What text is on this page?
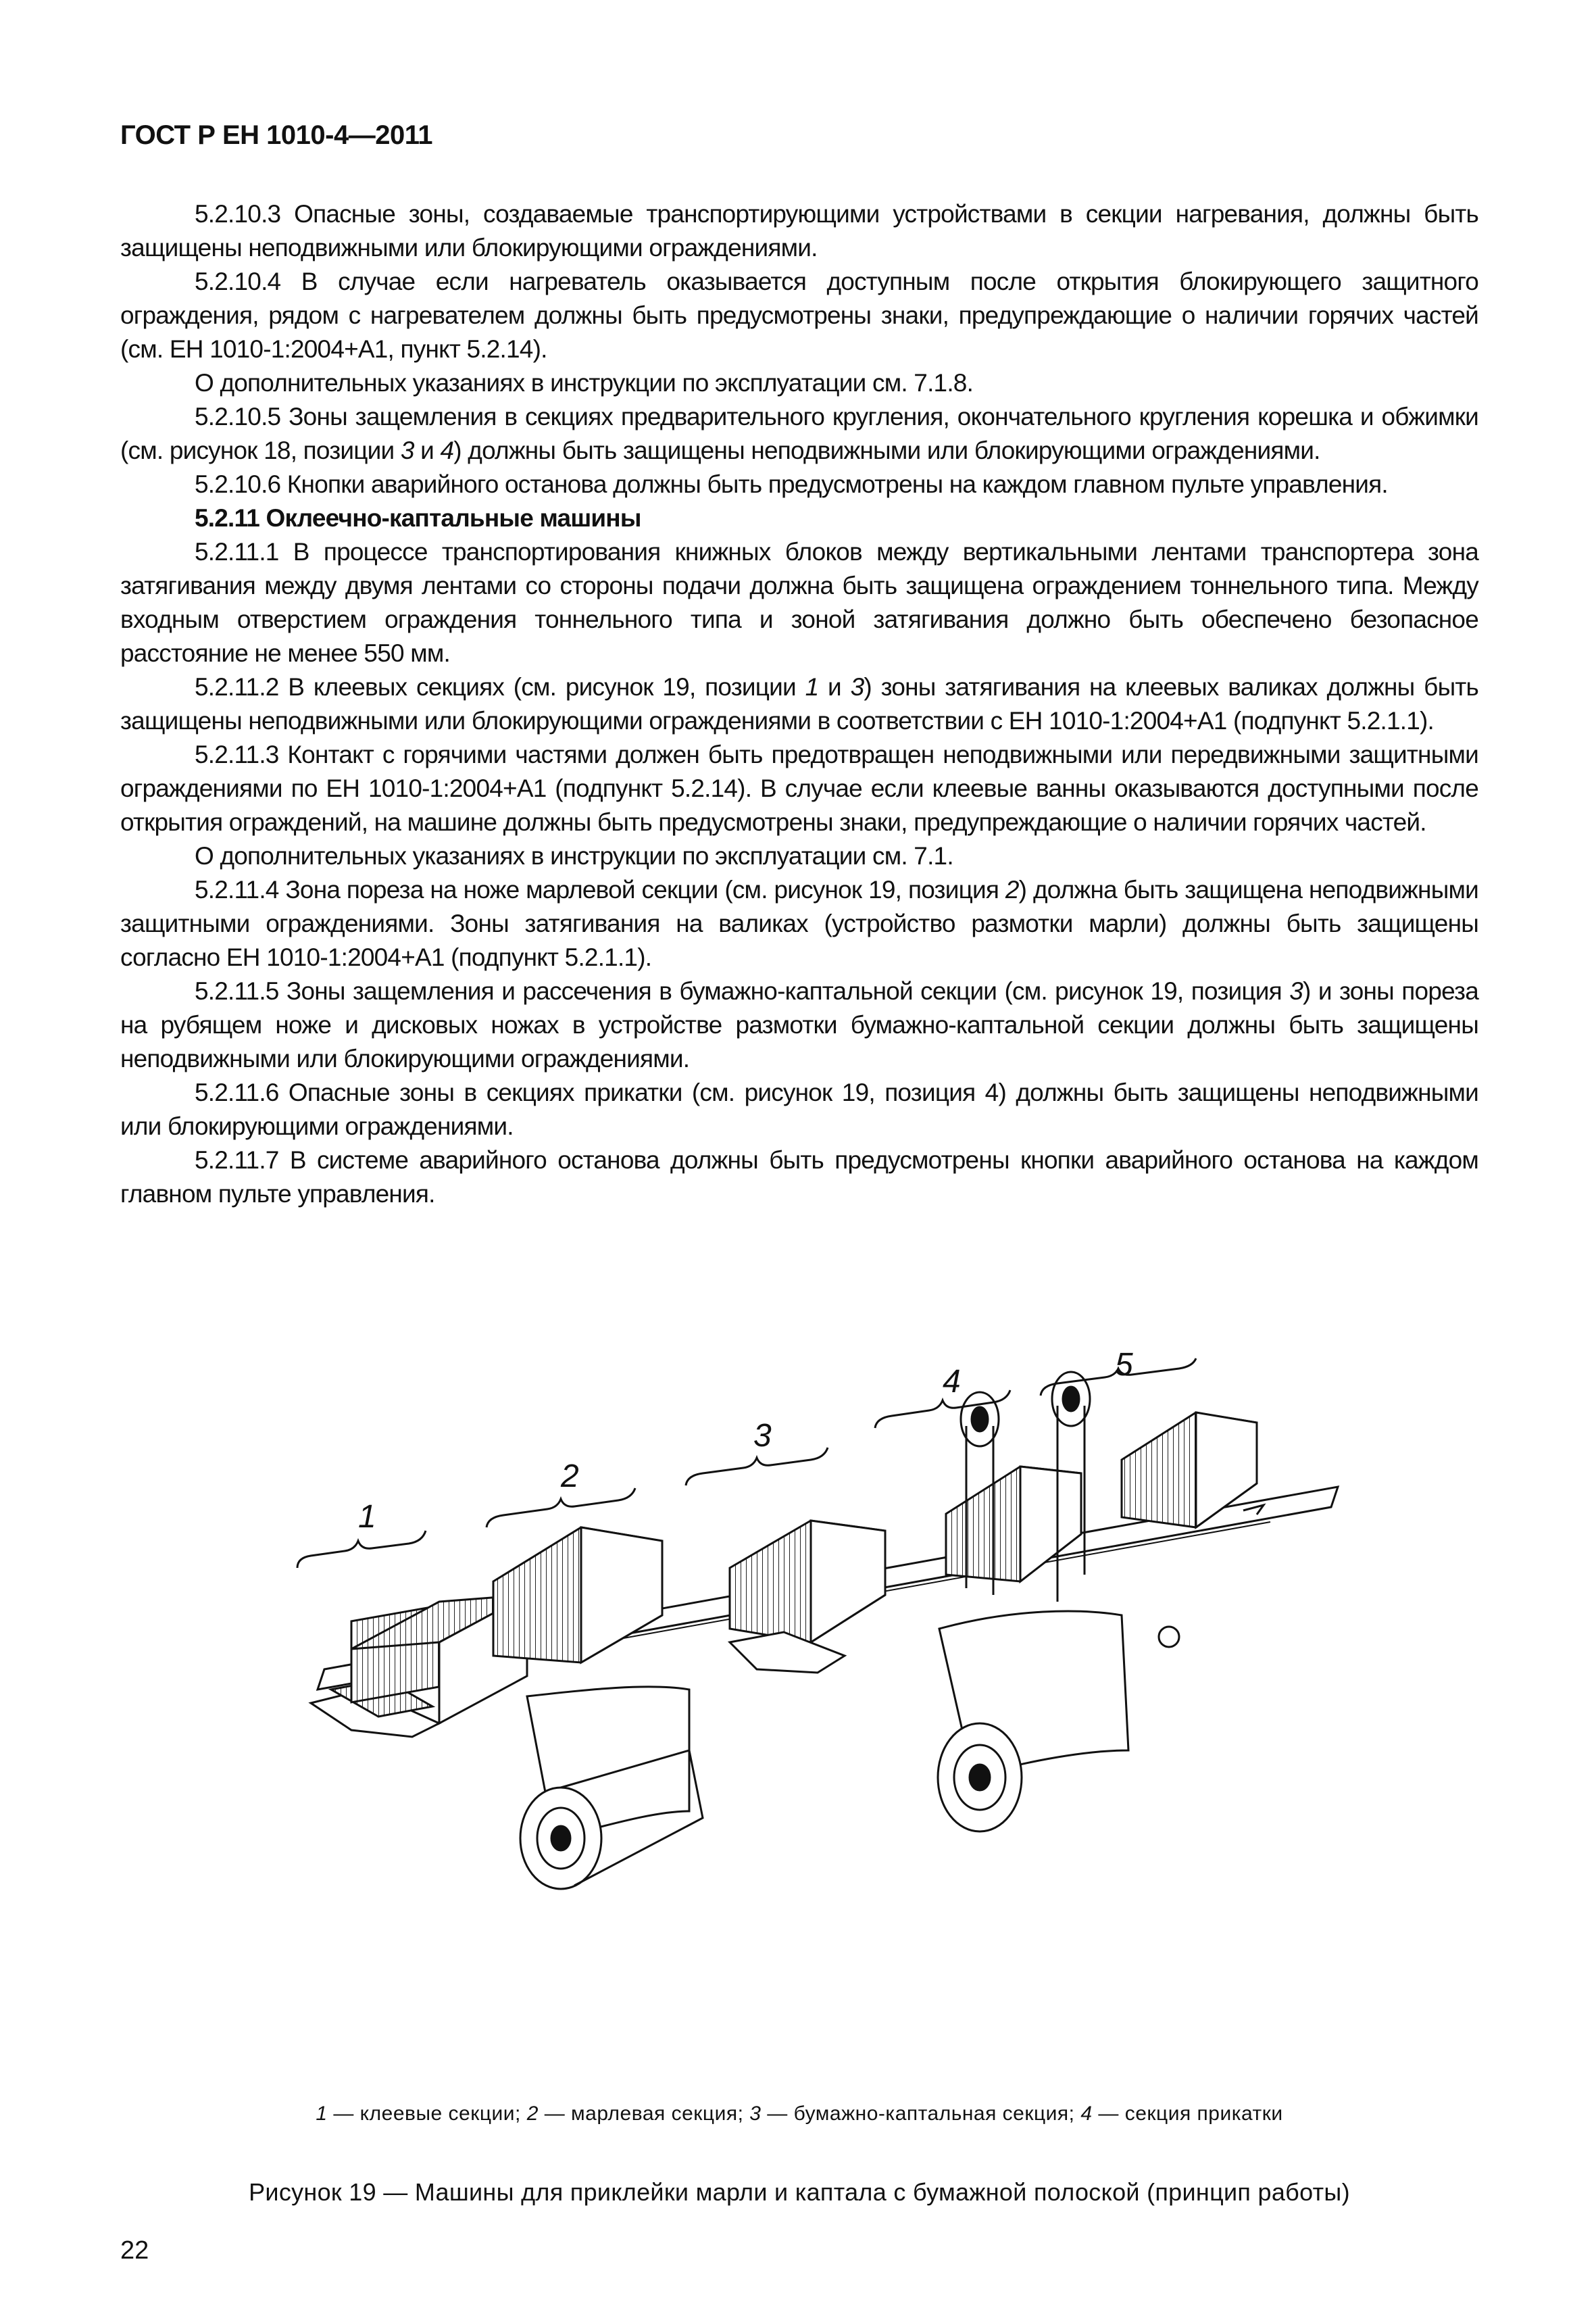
ГОСТ Р ЕН 1010-4—2011

5.2.10.3 Опасные зоны, создаваемые транспортирующими устройствами в секции нагревания, должны быть защищены неподвижными или блокирующими ограждениями.

5.2.10.4 В случае если нагреватель оказывается доступным после открытия блокирующего защитного ограждения, рядом с нагревателем должны быть предусмотрены знаки, предупреждающие о наличии горячих частей (см. ЕН 1010-1:2004+А1, пункт 5.2.14).

О дополнительных указаниях в инструкции по эксплуатации см. 7.1.8.

5.2.10.5 Зоны защемления в секциях предварительного кругления, окончательного кругления корешка и обжимки (см. рисунок 18, позиции 3 и 4) должны быть защищены неподвижными или блокирующими ограждениями.

5.2.10.6 Кнопки аварийного останова должны быть предусмотрены на каждом главном пульте управления.

5.2.11 Оклеечно-каптальные машины

5.2.11.1 В процессе транспортирования книжных блоков между вертикальными лентами транспортера зона затягивания между двумя лентами со стороны подачи должна быть защищена ограждением тоннельного типа. Между входным отверстием ограждения тоннельного типа и зоной затягивания должно быть обеспечено безопасное расстояние не менее 550 мм.

5.2.11.2 В клеевых секциях (см. рисунок 19, позиции 1 и 3) зоны затягивания на клеевых валиках должны быть защищены неподвижными или блокирующими ограждениями в соответствии с ЕН 1010-1:2004+А1 (подпункт 5.2.1.1).

5.2.11.3 Контакт с горячими частями должен быть предотвращен неподвижными или передвижными защитными ограждениями по ЕН 1010-1:2004+А1 (подпункт 5.2.14). В случае если клеевые ванны оказываются доступными после открытия ограждений, на машине должны быть предусмотрены знаки, предупреждающие о наличии горячих частей.

О дополнительных указаниях в инструкции по эксплуатации см. 7.1.

5.2.11.4 Зона пореза на ноже марлевой секции (см. рисунок 19, позиция 2) должна быть защищена неподвижными защитными ограждениями. Зоны затягивания на валиках (устройство размотки марли) должны быть защищены согласно ЕН 1010-1:2004+А1 (подпункт 5.2.1.1).

5.2.11.5 Зоны защемления и рассечения в бумажно-каптальной секции (см. рисунок 19, позиция 3) и зоны пореза на рубящем ноже и дисковых ножах в устройстве размотки бумажно-каптальной секции должны быть защищены неподвижными или блокирующими ограждениями.

5.2.11.6 Опасные зоны в секциях прикатки (см. рисунок 19, позиция 4) должны быть защищены неподвижными или блокирующими ограждениями.

5.2.11.7 В системе аварийного останова должны быть предусмотрены кнопки аварийного останова на каждом главном пульте управления.

1
2
3
4	5
1 — клеевые секции; 2 — марлевая секция; 3 — бумажно-каптальная секция; 4 — секция прикатки
Рисунок 19 — Машины для приклейки марли и каптала с бумажной полоской (принцип работы)
22
